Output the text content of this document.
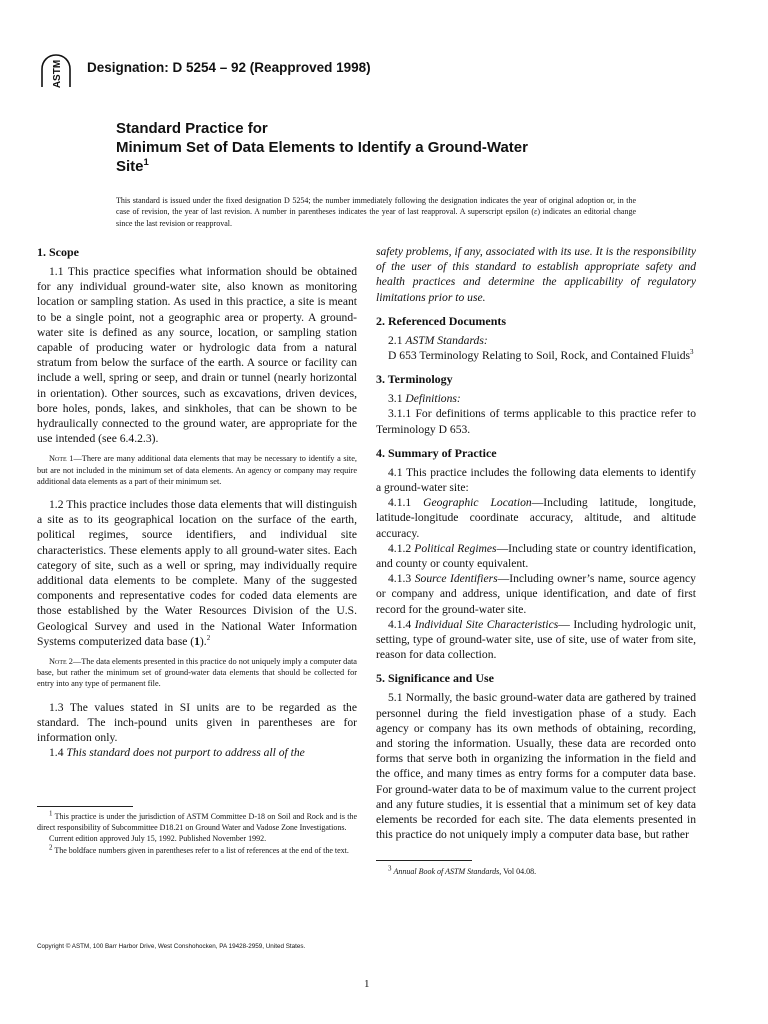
ASTM Designation: D 5254 – 92 (Reapproved 1998)
Standard Practice for
Minimum Set of Data Elements to Identify a Ground-Water
Site$^1$
This standard is issued under the fixed designation D 5254; the number immediately following the designation indicates the year of original adoption or, in the case of revision, the year of last revision. A number in parentheses indicates the year of last reapproval. A superscript epsilon (ε) indicates an editorial change since the last revision or reapproval.
1. Scope

1.1 This practice specifies what information should be obtained for any individual ground-water site, also known as monitoring location or sampling station. As used in this practice, a site is meant to be a single point, not a geographic area or property. A ground-water site is defined as any source, location, or sampling station capable of producing water or hydrologic data from a natural stratum from below the surface of the earth. A source or facility can include a well, spring or seep, and drain or tunnel (nearly horizontal in orientation). Other sources, such as excavations, driven devices, bore holes, ponds, lakes, and sinkholes, that can be shown to be hydraulically connected to the ground water, are appropriate for the use intended (see 6.4.2.3).

Note 1—There are many additional data elements that may be necessary to identify a site, but are not included in the minimum set of data elements. An agency or company may require additional data elements as a part of their minimum set.

1.2 This practice includes those data elements that will distinguish a site as to its geographical location on the surface of the earth, political regimes, source identifiers, and individual site characteristics. These elements apply to all ground-water sites. Each category of site, such as a well or spring, may individually require additional data elements to be complete. Many of the suggested components and representative codes for coded data elements are those established by the Water Resources Division of the U.S. Geological Survey and used in the National Water Information Systems computerized data base (1).$^2$

Note 2—The data elements presented in this practice do not uniquely imply a computer data base, but rather the minimum set of ground-water data elements that should be collected for entry into any type of permanent file.

1.3 The values stated in SI units are to be regarded as the standard. The inch-pound units given in parentheses are for information only.

1.4 This standard does not purport to address all of the

$^1$ This practice is under the jurisdiction of ASTM Committee D-18 on Soil and Rock and is the direct responsibility of Subcommittee D18.21 on Ground Water and Vadose Zone Investigations.

Current edition approved July 15, 1992. Published November 1992.

$^2$ The boldface numbers given in parentheses refer to a list of references at the end of the text.

safety problems, if any, associated with its use. It is the responsibility of the user of this standard to establish appropriate safety and health practices and determine the applicability of regulatory limitations prior to use.

2. Referenced Documents

2.1 ASTM Standards:

D 653 Terminology Relating to Soil, Rock, and Contained Fluids$^3$

3. Terminology

3.1 Definitions:

3.1.1 For definitions of terms applicable to this practice refer to Terminology D 653.

4. Summary of Practice

4.1 This practice includes the following data elements to identify a ground-water site:

4.1.1 Geographic Location—Including latitude, longitude, latitude-longitude coordinate accuracy, altitude, and altitude accuracy.

4.1.2 Political Regimes—Including state or country identification, and county or county equivalent.

4.1.3 Source Identifiers—Including owner’s name, source agency or company and address, unique identification, and date of first record for the ground-water site.

4.1.4 Individual Site Characteristics— Including hydrologic unit, setting, type of ground-water site, use of site, use of water from site, reason for data collection.

5. Significance and Use

5.1 Normally, the basic ground-water data are gathered by trained personnel during the field investigation phase of a study. Each agency or company has its own methods of obtaining, recording, and storing the information. Usually, these data are recorded onto forms that serve both in organizing the information in the field and the office, and many times as entry forms for a computer data base. For ground-water data to be of maximum value to the current project and any future studies, it is essential that a minimum set of key data elements be recorded for each site. The data elements presented in this practice do not uniquely imply a computer data base, but rather

$^3$ Annual Book of ASTM Standards, Vol 04.08.

Copyright © ASTM, 100 Barr Harbor Drive, West Conshohocken, PA 19428-2959, United States.
1
